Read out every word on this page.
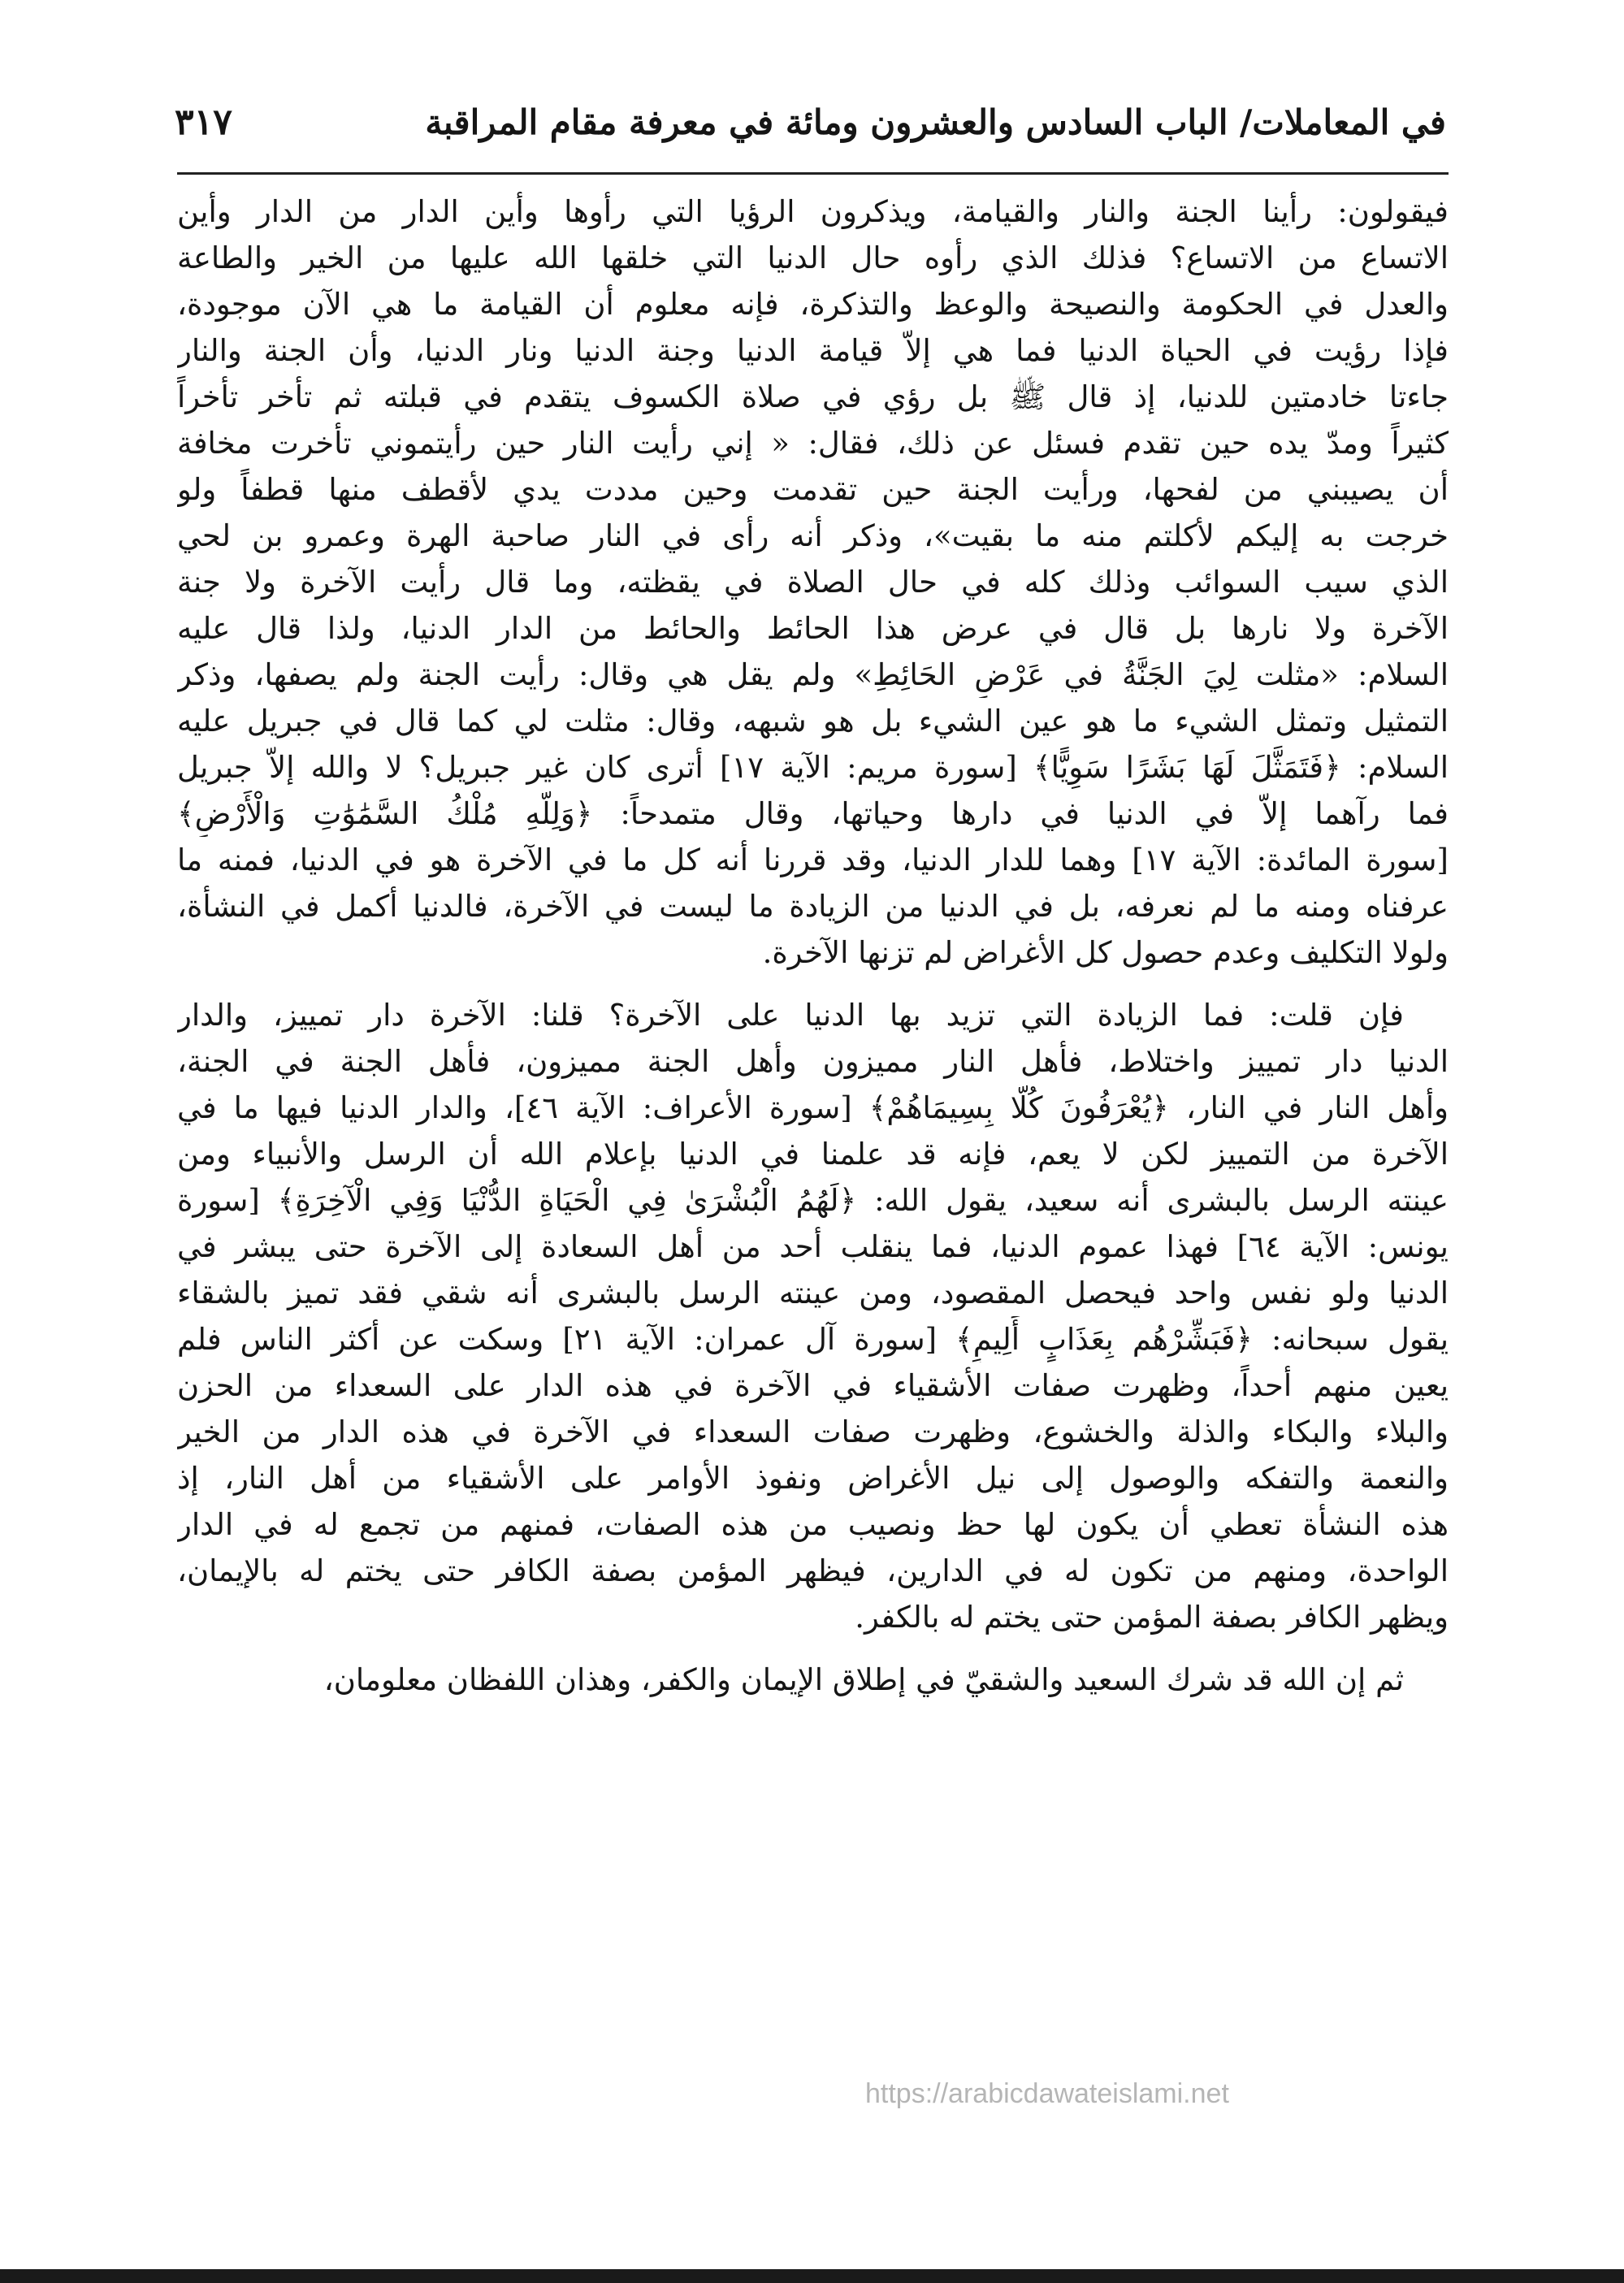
في المعاملات/ الباب السادس والعشرون ومائة في معرفة مقام المراقبة
٣١٧
فيقولون: رأينا الجنة والنار والقيامة، ويذكرون الرؤيا التي رأوها وأين الدار من الدار وأين
الاتساع من الاتساع؟ فذلك الذي رأوه حال الدنيا التي خلقها الله عليها من الخير والطاعة
والعدل في الحكومة والنصيحة والوعظ والتذكرة، فإنه معلوم أن القيامة ما هي الآن موجودة،
فإذا رؤيت في الحياة الدنيا فما هي إلاّ قيامة الدنيا وجنة الدنيا ونار الدنيا، وأن الجنة والنار
جاءتا خادمتين للدنيا، إذ قال ﷺ بل رؤي في صلاة الكسوف يتقدم في قبلته ثم تأخر تأخراً
كثيراً ومدّ يده حين تقدم فسئل عن ذلك، فقال: « إني رأيت النار حين رأيتموني تأخرت مخافة
أن يصيبني من لفحها، ورأيت الجنة حين تقدمت وحين مددت يدي لأقطف منها قطفاً ولو
خرجت به إليكم لأكلتم منه ما بقيت»، وذكر أنه رأى في النار صاحبة الهرة وعمرو بن لحي
الذي سيب السوائب وذلك كله في حال الصلاة في يقظته، وما قال رأيت الآخرة ولا جنة
الآخرة ولا نارها بل قال في عرض هذا الحائط والحائط من الدار الدنيا، ولذا قال عليه
السلام: «مثلت لِيَ الجَنَّةُ في عَرْضِ الحَائِطِ» ولم يقل هي وقال: رأيت الجنة ولم يصفها، وذكر
التمثيل وتمثل الشيء ما هو عين الشيء بل هو شبهه، وقال: مثلت لي كما قال في جبريل عليه
السلام: ﴿فَتَمَثَّلَ لَهَا بَشَرًا سَوِيًّا﴾ [سورة مريم: الآية ١٧] أترى كان غير جبريل؟ لا والله إلاّ جبريل
فما رآهما إلاّ في الدنيا في دارها وحياتها، وقال متمدحاً: ﴿وَلِلَّهِ مُلْكُ السَّمَٰوَٰتِ وَالْأَرْضِ﴾
[سورة المائدة: الآية ١٧] وهما للدار الدنيا، وقد قررنا أنه كل ما في الآخرة هو في الدنيا، فمنه ما
عرفناه ومنه ما لم نعرفه، بل في الدنيا من الزيادة ما ليست في الآخرة، فالدنيا أكمل في النشأة،
ولولا التكليف وعدم حصول كل الأغراض لم تزنها الآخرة.
فإن قلت: فما الزيادة التي تزيد بها الدنيا على الآخرة؟ قلنا: الآخرة دار تمييز، والدار
الدنيا دار تمييز واختلاط، فأهل النار مميزون وأهل الجنة مميزون، فأهل الجنة في الجنة،
وأهل النار في النار، ﴿يُعْرَفُونَ كُلًّا بِسِيمَاهُمْ﴾ [سورة الأعراف: الآية ٤٦]، والدار الدنيا فيها ما في
الآخرة من التمييز لكن لا يعم، فإنه قد علمنا في الدنيا بإعلام الله أن الرسل والأنبياء ومن
عينته الرسل بالبشرى أنه سعيد، يقول الله: ﴿لَهُمُ الْبُشْرَىٰ فِي الْحَيَاةِ الدُّنْيَا وَفِي الْآخِرَةِ﴾ [سورة
يونس: الآية ٦٤] فهذا عموم الدنيا، فما ينقلب أحد من أهل السعادة إلى الآخرة حتى يبشر في
الدنيا ولو نفس واحد فيحصل المقصود، ومن عينته الرسل بالبشرى أنه شقي فقد تميز بالشقاء
يقول سبحانه: ﴿فَبَشِّرْهُم بِعَذَابٍ أَلِيمٍ﴾ [سورة آل عمران: الآية ٢١] وسكت عن أكثر الناس فلم
يعين منهم أحداً، وظهرت صفات الأشقياء في الآخرة في هذه الدار على السعداء من الحزن
والبلاء والبكاء والذلة والخشوع، وظهرت صفات السعداء في الآخرة في هذه الدار من الخير
والنعمة والتفكه والوصول إلى نيل الأغراض ونفوذ الأوامر على الأشقياء من أهل النار، إذ
هذه النشأة تعطي أن يكون لها حظ ونصيب من هذه الصفات، فمنهم من تجمع له في الدار
الواحدة، ومنهم من تكون له في الدارين، فيظهر المؤمن بصفة الكافر حتى يختم له بالإيمان،
ويظهر الكافر بصفة المؤمن حتى يختم له بالكفر.
ثم إن الله قد شرك السعيد والشقيّ في إطلاق الإيمان والكفر، وهذان اللفظان معلومان،
https://arabicdawateislami.net
